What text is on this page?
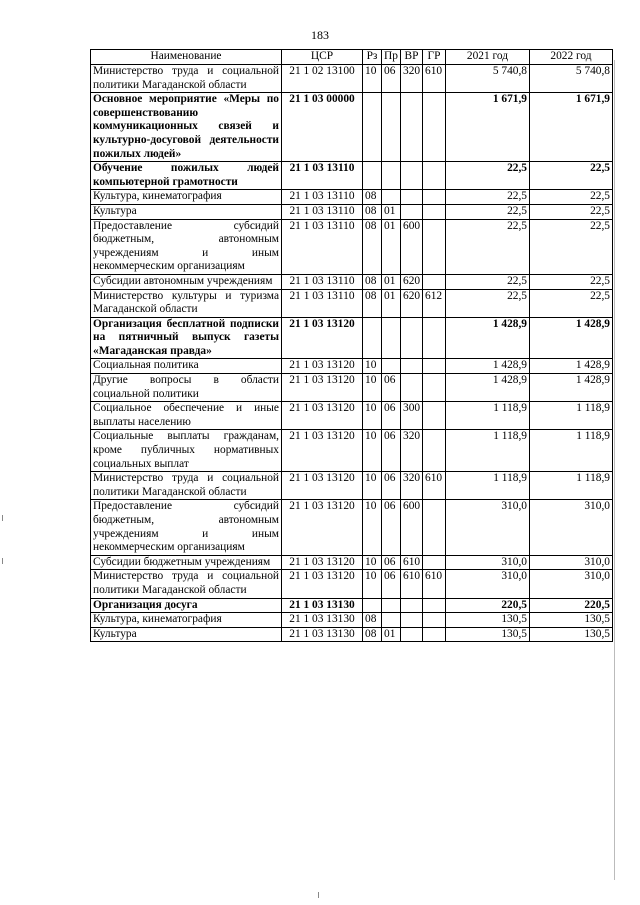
183
Наименование	ЦСР	Рз	Пр	ВР	ГР	2021 год	2022 год
Министерство труда и социальной политики Магаданской области	21 1 02 13100	10	06	320	610	5 740,8	5 740,8
Основное мероприятие «Меры по совершенствованию коммуникационных связей и культурно-досуговой деятельности пожилых людей»	21 1 03 00000					1 671,9	1 671,9
Обучение пожилых людей компьютерной грамотности	21 1 03 13110					22,5	22,5
Культура, кинематография	21 1 03 13110	08				22,5	22,5
Культура	21 1 03 13110	08	01			22,5	22,5
Предоставление субсидий бюджетным, автономным учреждениям и иным некоммерческим организациям	21 1 03 13110	08	01	600		22,5	22,5
Субсидии автономным учреждениям	21 1 03 13110	08	01	620		22,5	22,5
Министерство культуры и туризма Магаданской области	21 1 03 13110	08	01	620	612	22,5	22,5
Организация бесплатной подписки на пятничный выпуск газеты «Магаданская правда»	21 1 03 13120					1 428,9	1 428,9
Социальная политика	21 1 03 13120	10				1 428,9	1 428,9
Другие вопросы в области социальной политики	21 1 03 13120	10	06			1 428,9	1 428,9
Социальное обеспечение и иные выплаты населению	21 1 03 13120	10	06	300		1 118,9	1 118,9
Социальные выплаты гражданам, кроме публичных нормативных социальных выплат	21 1 03 13120	10	06	320		1 118,9	1 118,9
Министерство труда и социальной политики Магаданской области	21 1 03 13120	10	06	320	610	1 118,9	1 118,9
Предоставление субсидий бюджетным, автономным учреждениям и иным некоммерческим организациям	21 1 03 13120	10	06	600		310,0	310,0
Субсидии бюджетным учреждениям	21 1 03 13120	10	06	610		310,0	310,0
Министерство труда и социальной политики Магаданской области	21 1 03 13120	10	06	610	610	310,0	310,0
Организация досуга	21 1 03 13130					220,5	220,5
Культура, кинематография	21 1 03 13130	08				130,5	130,5
Культура	21 1 03 13130	08	01			130,5	130,5
